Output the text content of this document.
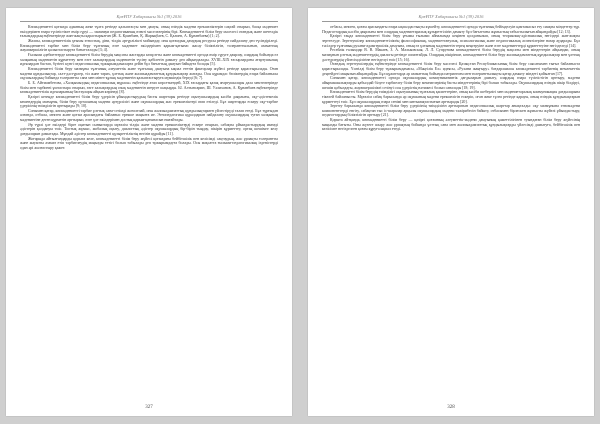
ҚазҰПУ Хабаршысы №1 (39) 2016

Көпмәдениетті қоғамда адамның жеке тұлға ретінде қалыптасуы мен дамуы, оның өзіндік мәдени ерекшеліктерін сақтай отырып, басқа мәдениет өкілдерімен өзара түсіністікте өмір сүруі — заманауи педагогиканың өзекті мәселелерінің бірі. Көпмәдениетті білім беру мәселесі отандық және шетелдік ғалымдардың еңбектерінде жан-жақты қарастырылған (Ж. Б. Қоянбаев, Қ. Жарықбаев, С. Қалиев, А. Құнанбаева) [1; 2].

Жалпы, көпмәдениеттілік ұғымы этностық, діни, тілдік әртүрлілікті мойындау, оны қоғамдық дамудың ресурсы ретінде пайдалану деп түсіндіріледі. Көпмәдениетті тәрбие мен білім беру тұлғаның өзге мәдениет өкілдерімен қарым-қатынас жасау біліктілігін, толеранттылығын, азаматтық жауапкершілігін қалыптастыруға бағытталады [3; 4].

Ғылыми әдебиеттерде көпмәдениетті білім берудің мақсаты жастарды көпұлтты және көпмәдениетті ортада өмір сүруге даярлау, олардың бойында өз халқының мәдениетін құрметтеу мен өзге халықтардың мәдениетін түсіну қабілетін дамыту деп айқындалады. XVIII–XIX ғасырлардағы ағартушылық идеялардан бастап, бүгінгі күнгі педагогикалық тұжырымдамаларға дейін бұл бағыттың дамуын байқауға болады [5].

Көпмәдениетті білім беру мазмұны тұлғаның әлеуметтік және тұлғалық дамуына ықпал ететін факторлар жүйесі ретінде қарастырылады. Оған мәдени құндылықтар, салт-дәстүрлер, тіл және тарих, ұлттық және жалпыадамзаттық құндылықтар жатады. Осы құрамдас бөліктердің өзара байланысы оқушылардың бойында толерантты сана мен мінез-құлық мәдениетін қалыптастыруға мүмкіндік береді [6; 7].

Б. Б. Айтмамбетова, «Халқымыздың педагогикалық мұрасы» еңбегінде атап көрсеткендей, XIX ғасырдағы қазақ ағартушылары дала мектептерінде білім мен тәрбиені ұштастыра отырып, өзге халықтардың озық мәдениетін игеруге шақырды. Ы. Алтынсарин, Ш. Уәлиханов, А. Құнанбаев еңбектерінде көпмәдениеттілік идеяларының бастаулары айқын көрінеді [8].

Қазіргі кезеңде көпмәдениетті білім беру үдерісін ұйымдастырудың басты шарттары ретінде оқытушылардың кәсіби даярлығы, оқу-әдістемелік кешендердің мазмұны, білім беру ортасының мәдени әртүрлілігі және оқушылардың жас ерекшеліктері атап өтіледі. Бұл шарттарды ескеру оқу-тәрбие үдерісінің тиімділігін арттырады [9; 10].

Сонымен қатар, көпмәдениетті тәрбие ұлттық сана-сезімді жоғалтпай, оны жалпыадамзаттық құндылықтармен үйлестіруді талап етеді. Бұл тұрғыдан алғанда, отбасы, мектеп және қоғам арасындағы байланыс ерекше маңызға ие. Этнопедагогика құралдарын пайдалану оқушылардың туған халқының мәдениетіне деген құрметін арттырып, өзге ұлт өкілдерімен достық қарым-қатынасын нығайтады.

Әр түрлі ұлт өкілдері бірге оқитын сыныптарда мұғалім тілдік және мәдени ерекшеліктерді ескере отырып, сабақты ұйымдастырудың икемді әдістерін қолдануы тиіс. Топтық жұмыс, жобалық оқыту, диалогтық әдістер оқушылардың бір-бірін тыңдау, пікірін құрметтеу, ортақ шешімге келу дағдыларын дамытады. Мұндай әдістер көпмәдениетті құзыреттіліктің негізін құрайды [11].

Жоғарыда айтылғандарды қорыта келе, көпмәдениетті білім беру жүйесі қоғамдағы бейбітшілік пен келісімді сақтаудың, жас ұрпақты толерантты және жауапты азамат етіп тәрбиелеудің маңызды тетігі болып табылады деп тұжырымдауға болады. Осы мақсатта ғылыми-педагогикалық ізденістерді одан әрі жалғастыру қажет.

327
ҚазҰПУ Хабаршысы №1 (39) 2016

отбасы, мектеп, қоғам арасындағы өзара ықпалдастықты күшейту, көпмәдениетті ортада тұлғаның бейімделуін қамтамасыз ету сияқты міндеттер тұр. Педагогтардың кәсіби даярлығы мен олардың мәдениетаралық құзыреттілігін дамыту бұл бағыттағы жұмыстың табыстылығын айқындайды [12; 13].

Қазіргі таңда көпмәдениетті білім беру ұғымы ғылыми айналымда кеңінен қолданылып, оның теориялық-әдіснамалық негіздері жан-жақты зерттелуде. Зерттеушілер көпмәдениеттіліктің философиялық, мәдениеттанулық, психологиялық және педагогикалық аспектілеріне назар аударады. Бұл тәсілдер тұлғаның рухани-адамгершілік дамуына, оның өз ұлтының мәдениетін терең меңгеруіне және өзге мәдениеттерді құрметтеуіне негізделеді [14].

Ресейлік ғалымдар В. В. Макаев, З. А. Мальковская, Л. Л. Супрунова көпмәдениетті білім берудің мақсаты мен міндеттерін айқындап, оның мазмұнын ұлттық мәдениеттердің диалогы ретінде сипаттайды. Олардың пікірінше, көпмәдениетті білім беру жалпыадамзаттық құндылықтар мен ұлттық дәстүрлердің үйлесімділігіне негізделуі тиіс [15; 16].

Отандық зерттеушілердің еңбектерінде көпмәдениетті білім беру мәселесі Қазақстан Республикасының білім беру саясатымен тығыз байланыста қарастырылады. Үштілді білім беру тұжырымдамасы, «Мәңгілік Ел» идеясы, «Рухани жаңғыру» бағдарламасы көпмәдениетті тәрбиенің мемлекеттік деңгейдегі маңызын айқындайды. Бұл құжаттарда әр азаматтың бойында патриотизм мен толеранттылықты қатар дамыту міндеті қойылған [17].

Сонымен қатар, көпмәдениетті ортада оқушылардың коммуникативтік дағдыларын дамыту, олардың өзара түсіністігін арттыру, мәдени айырмашылықтарды қабылдай білуге тәрбиелеу білім беру мекемелерінің басты міндеттерінің бірі болып табылады. Оқушылардың өзіндік пікір білдіруі, шешім қабылдауы, жауапкершілікті сезінуі осы үдерістің нәтижесі болып саналады [18; 19].

Көпмәдениетті білім берудің тиімділігі оқытушының тұлғалық қасиеттеріне, оның кәсіби шеберлігі мен мәдениетаралық коммуникация дағдыларына тікелей байланысты. Мұғалім сабақ барысында әр оқушының мәдени ерекшелігін ескеріп, оған жеке тұлға ретінде қарауы, оның өзіндік құндылықтарын құрметтеуі тиіс. Бұл оқушылардың өзара сенімі мен ынтымақтастығын арттырады [20].

Зерттеу барысында көпмәдениетті білім беру үдерісінің тиімділігін арттыратын педагогикалық шарттар анықталды: оқу мазмұнына этномәдени компоненттерді енгізу, сабақтан тыс іс-шаралар арқылы оқушылардың мәдени тәжірибесін байыту, отбасымен бірлескен жұмысты жүйелі ұйымдастыру, педагогтардың біліктілігін арттыру [21].

Қорыта айтқанда, көпмәдениетті білім беру — қазіргі қоғамның әлеуметтік-мәдени дамуының қажеттілігінен туындаған білім беру жүйесінің маңызды бағыты. Оны жүзеге асыру жас ұрпақтың бойында ұлттық сана мен жалпыадамзаттық құндылықтарды үйлесімді дамытуға, бейбітшілік пен келісімге негізделген қоғам құруға ықпал етеді.

328
